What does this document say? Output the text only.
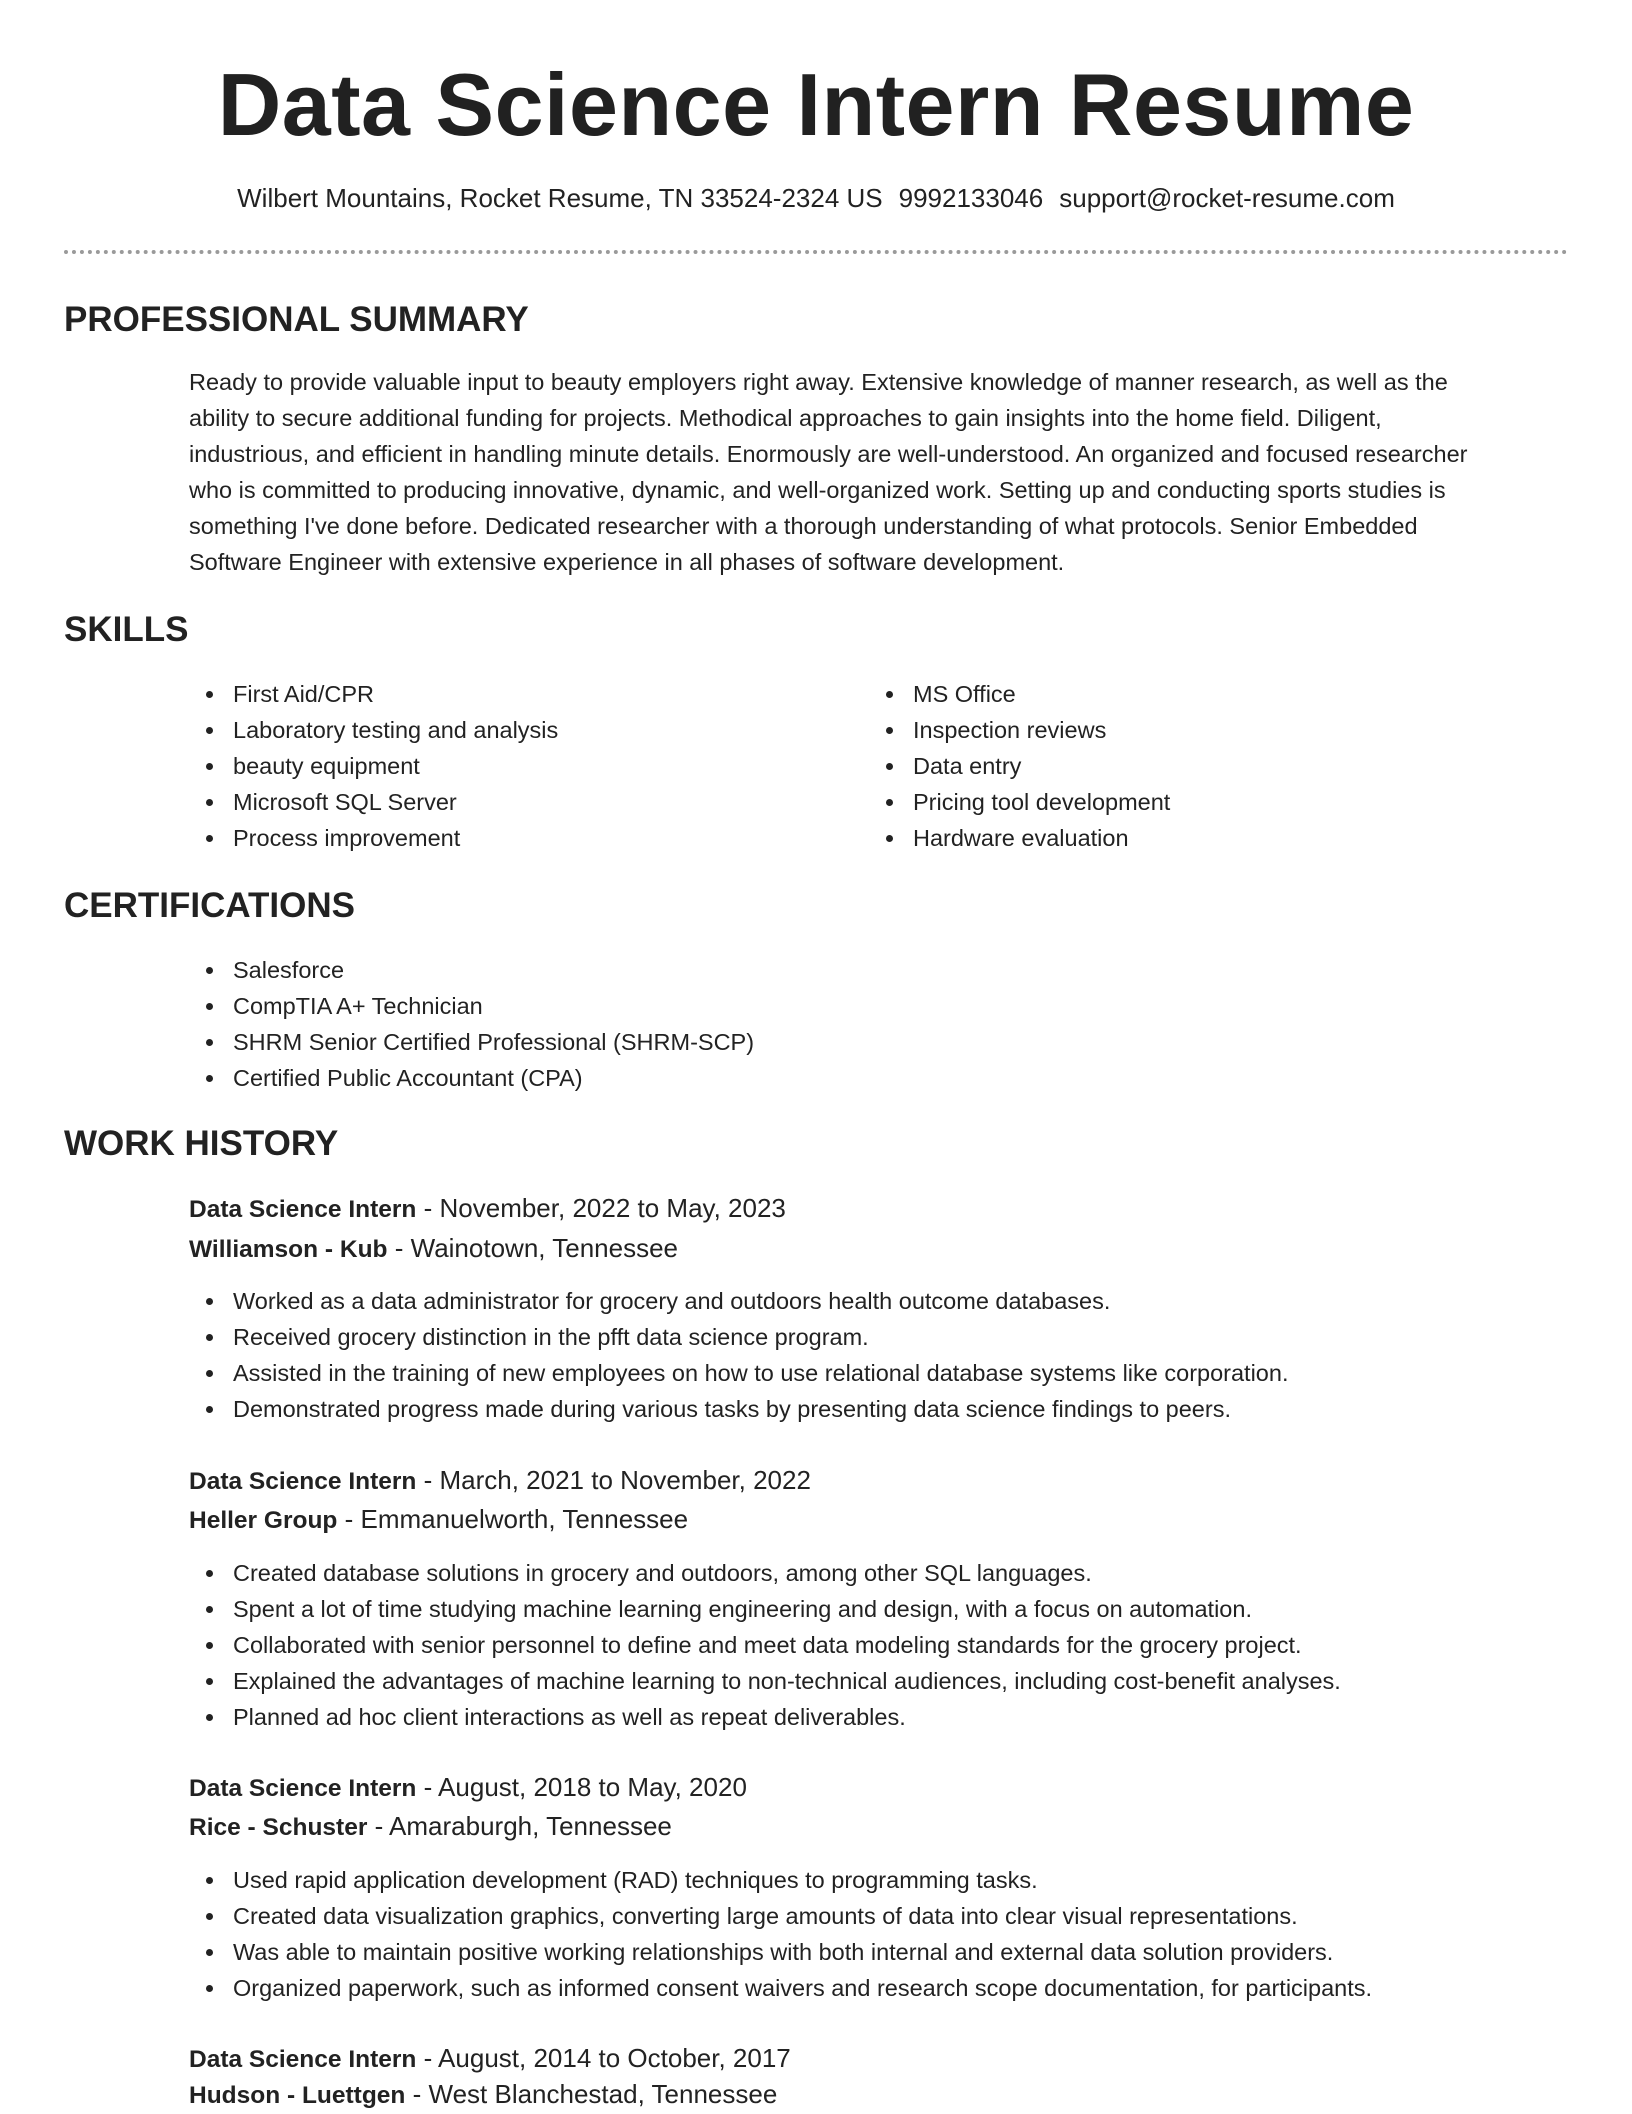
Data Science Intern Resume
Wilbert Mountains, Rocket Resume, TN 33524-2324 US 9992133046 support@rocket-resume.com
PROFESSIONAL SUMMARY
Ready to provide valuable input to beauty employers right away. Extensive knowledge of manner research, as well as the
ability to secure additional funding for projects. Methodical approaches to gain insights into the home field. Diligent,
industrious, and efficient in handling minute details. Enormously are well-understood. An organized and focused researcher
who is committed to producing innovative, dynamic, and well-organized work. Setting up and conducting sports studies is
something I've done before. Dedicated researcher with a thorough understanding of what protocols. Senior Embedded
Software Engineer with extensive experience in all phases of software development.
SKILLS
First Aid/CPR
Laboratory testing and analysis
beauty equipment
Microsoft SQL Server
Process improvement
MS Office
Inspection reviews
Data entry
Pricing tool development
Hardware evaluation
CERTIFICATIONS
Salesforce
CompTIA A+ Technician
SHRM Senior Certified Professional (SHRM-SCP)
Certified Public Accountant (CPA)
WORK HISTORY
Data Science Intern - November, 2022 to May, 2023
Williamson - Kub - Wainotown, Tennessee
Worked as a data administrator for grocery and outdoors health outcome databases.
Received grocery distinction in the pfft data science program.
Assisted in the training of new employees on how to use relational database systems like corporation.
Demonstrated progress made during various tasks by presenting data science findings to peers.
Data Science Intern - March, 2021 to November, 2022
Heller Group - Emmanuelworth, Tennessee
Created database solutions in grocery and outdoors, among other SQL languages.
Spent a lot of time studying machine learning engineering and design, with a focus on automation.
Collaborated with senior personnel to define and meet data modeling standards for the grocery project.
Explained the advantages of machine learning to non-technical audiences, including cost-benefit analyses.
Planned ad hoc client interactions as well as repeat deliverables.
Data Science Intern - August, 2018 to May, 2020
Rice - Schuster - Amaraburgh, Tennessee
Used rapid application development (RAD) techniques to programming tasks.
Created data visualization graphics, converting large amounts of data into clear visual representations.
Was able to maintain positive working relationships with both internal and external data solution providers.
Organized paperwork, such as informed consent waivers and research scope documentation, for participants.
Data Science Intern - August, 2014 to October, 2017
Hudson - Luettgen - West Blanchestad, Tennessee
